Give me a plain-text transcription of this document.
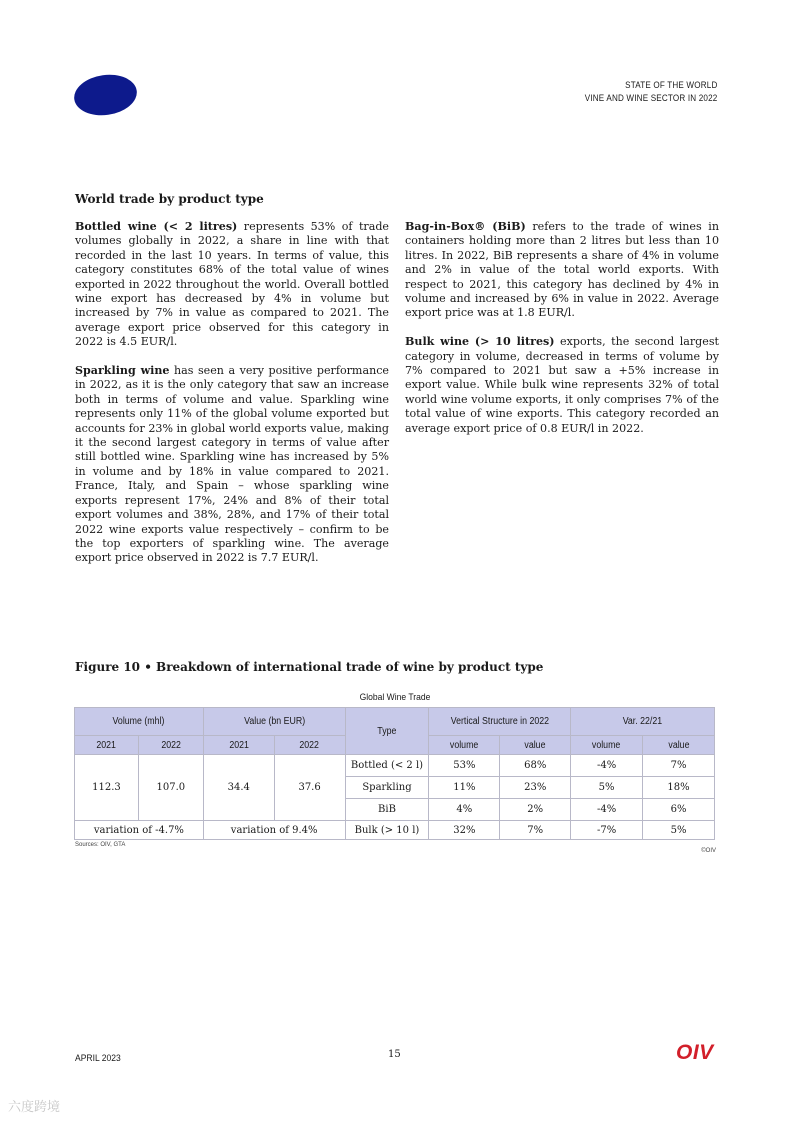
STATE OF THE WORLD
VINE AND WINE SECTOR IN 2022
World trade by product type

Bottled wine (< 2 litres) represents 53% of trade volumes globally in 2022, a share in line with that recorded in the last 10 years. In terms of value, this category constitutes 68% of the total value of wines exported in 2022 throughout the world. Overall bottled wine export has decreased by 4% in volume but increased by 7% in value as compared to 2021. The average export price observed for this category in 2022 is 4.5 EUR/l.

Sparkling wine has seen a very positive performance in 2022, as it is the only category that saw an increase both in terms of volume and value. Sparkling wine represents only 11% of the global volume exported but accounts for 23% in global world exports value, making it the second largest category in terms of value after still bottled wine. Sparkling wine has increased by 5% in volume and by 18% in value compared to 2021. France, Italy, and Spain – whose sparkling wine exports represent 17%, 24% and 8% of their total export volumes and 38%, 28%, and 17% of their total 2022 wine exports value respectively – confirm to be the top exporters of sparkling wine. The average export price observed in 2022 is 7.7 EUR/l.

Bag-in-Box® (BiB) refers to the trade of wines in containers holding more than 2 litres but less than 10 litres. In 2022, BiB represents a share of 4% in volume and 2% in value of the total world exports. With respect to 2021, this category has declined by 4% in volume and increased by 6% in value in 2022. Average export price was at 1.8 EUR/l.

Bulk wine (> 10 litres) exports, the second largest category in volume, decreased in terms of volume by 7% compared to 2021 but saw a +5% increase in export value. While bulk wine represents 32% of total world wine volume exports, it only comprises 7% of the total value of wine exports. This category recorded an average export price of 0.8 EUR/l in 2022.

Figure 10 • Breakdown of international trade of wine by product type
Global Wine Trade
Volume (mhl)		Value (bn EUR)		Type	Vertical Structure in 2022		Var. 22/21	
2021	2022	2021	2022		volume	value	volume	value
112.3	107.0	34.4	37.6	Bottled (< 2 l)	53%	68%	-4%	7%
				Sparkling	11%	23%	5%	18%
				BiB	4%	2%	-4%	6%
variation of -4.7%		variation of 9.4%		Bulk (> 10 l)	32%	7%	-7%	5%
Sources: OIV, GTA
©OIV
APRIL 2023	15	OIV
六度跨境
